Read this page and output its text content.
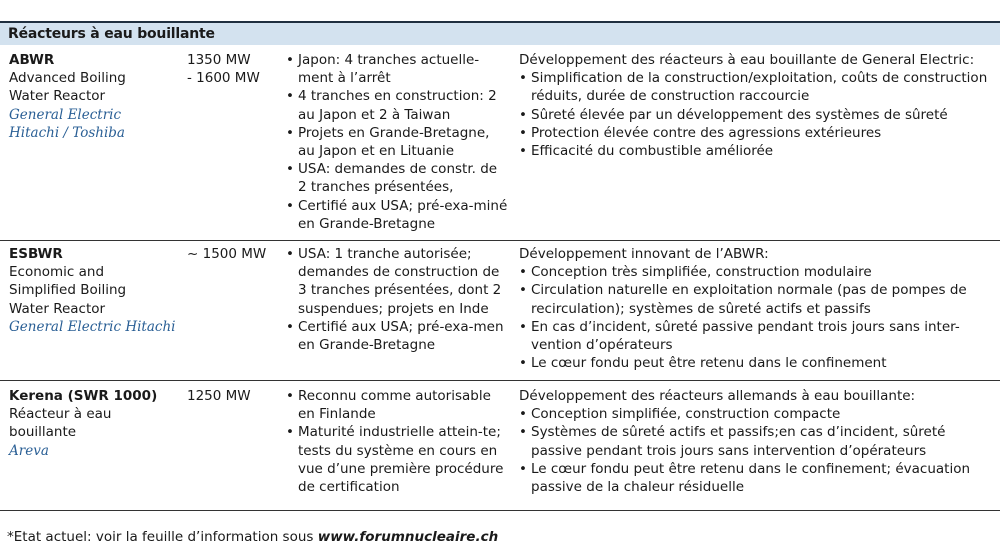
Réacteurs à eau bouillante
ABWR
Advanced Boiling
Water Reactor
General Electric
Hitachi / Toshiba
1350 MW
- 1600 MW
• Japon: 4 tranches actuelle-ment à l’arrêt
• 4 tranches en construction: 2 au Japon et 2 à Taiwan
• Projets en Grande-Bretagne, au Japon et en Lituanie
• USA: demandes de constr. de 2 tranches présentées,
• Certifié aux USA; pré-exa-miné en Grande-Bretagne
Développement des réacteurs à eau bouillante de General Electric:
• Simplification de la construction/exploitation, coûts de construction réduits, durée de construction raccourcie
• Sûreté élevée par un développement des systèmes de sûreté
• Protection élevée contre des agressions extérieures
• Efficacité du combustible améliorée
ESBWR
Economic and
Simplified Boiling
Water Reactor
General Electric Hitachi
~ 1500 MW	• USA: 1 tranche autorisée; demandes de construction de 3 tranches présentées, dont 2 suspendues; projets en Inde
• Certifié aux USA; pré-exa-men en Grande-Bretagne
Développement innovant de l’ABWR:
• Conception très simplifiée, construction modulaire
• Circulation naturelle en exploitation normale (pas de pompes de recirculation); systèmes de sûreté actifs et passifs
• En cas d’incident, sûreté passive pendant trois jours sans inter-vention d’opérateurs
• Le cœur fondu peut être retenu dans le confinement
Kerena (SWR 1000)
Réacteur à eau
bouillante
Areva
1250 MW	• Reconnu comme autorisable en Finlande
• Maturité industrielle attein-te; tests du système en cours en vue d’une première procédure de certification
Développement des réacteurs allemands à eau bouillante:
• Conception simplifiée, construction compacte
• Systèmes de sûreté actifs et passifs;en cas d’incident, sûreté passive pendant trois jours sans intervention d’opérateurs
• Le cœur fondu peut être retenu dans le confinement; évacuation passive de la chaleur résiduelle
*Etat actuel: voir la feuille d’information sous www.forumnucleaire.ch
